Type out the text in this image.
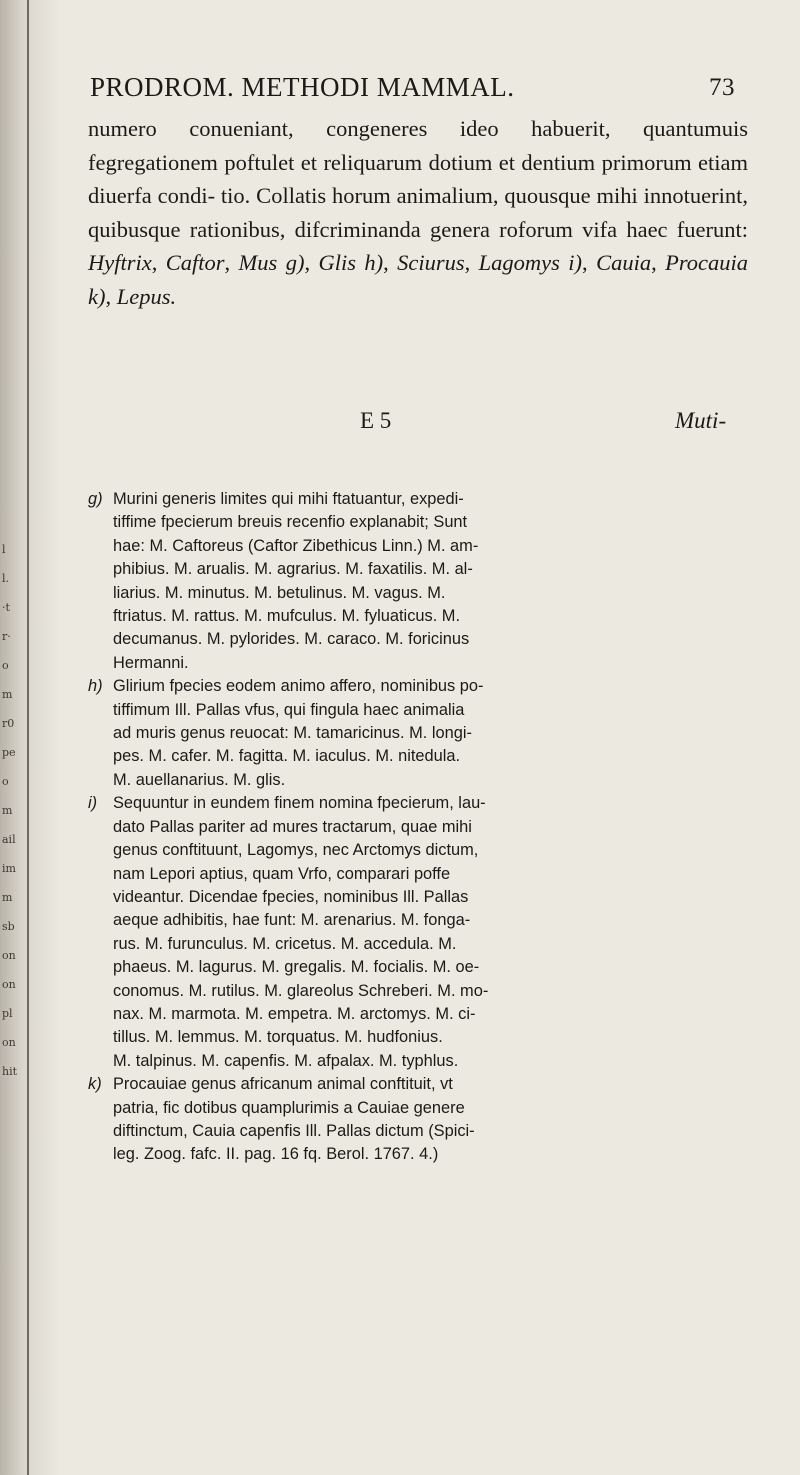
l
l.
·t
r·
o
m
r0
pe
o
m
ail
im
m
sb
on
on
pl
on
hit
PRODROM. METHODI MAMMAL.	73
numero conueniant, congeneres ideo habuerit, quantumuis fegregationem poftulet et reliquarum dotium et dentium primorum etiam diuerfa condi- tio. Collatis horum animalium, quousque mihi innotuerint, quibusque rationibus, difcriminanda genera roforum vifa haec fuerunt: Hyftrix, Caftor, Mus g), Glis h), Sciurus, Lagomys i), Cauia, Procauia k), Lepus.
E 5	Muti-
g) Murini generis limites qui mihi ftatuantur, expedi-
tiffime fpecierum breuis recenfio explanabit; Sunt
hae: M. Caftoreus (Caftor Zibethicus Linn.) M. am-
phibius. M. arualis. M. agrarius. M. faxatilis. M. al-
liarius. M. minutus. M. betulinus. M. vagus. M.
ftriatus. M. rattus. M. mufculus. M. fyluaticus. M.
decumanus. M. pylorides. M. caraco. M. foricinus
Hermanni.
h) Glirium fpecies eodem animo affero, nominibus po-
tiffimum Ill. Pallas vfus, qui fingula haec animalia
ad muris genus reuocat: M. tamaricinus. M. longi-
pes. M. cafer. M. fagitta. M. iaculus. M. nitedula.
M. auellanarius. M. glis.
i) Sequuntur in eundem finem nomina fpecierum, lau-
dato Pallas pariter ad mures tractarum, quae mihi
genus conftituunt, Lagomys, nec Arctomys dictum,
nam Lepori aptius, quam Vrfo, comparari poffe
videantur. Dicendae fpecies, nominibus Ill. Pallas
aeque adhibitis, hae funt: M. arenarius. M. fonga-
rus. M. furunculus. M. cricetus. M. accedula. M.
phaeus. M. lagurus. M. gregalis. M. focialis. M. oe-
conomus. M. rutilus. M. glareolus Schreberi. M. mo-
nax. M. marmota. M. empetra. M. arctomys. M. ci-
tillus. M. lemmus. M. torquatus. M. hudfonius.
M. talpinus. M. capenfis. M. afpalax. M. typhlus.
k) Procauiae genus africanum animal conftituit, vt
patria, fic dotibus quamplurimis a Cauiae genere
diftinctum, Cauia capenfis Ill. Pallas dictum (Spici-
leg. Zoog. fafc. II. pag. 16 fq. Berol. 1767. 4.)
